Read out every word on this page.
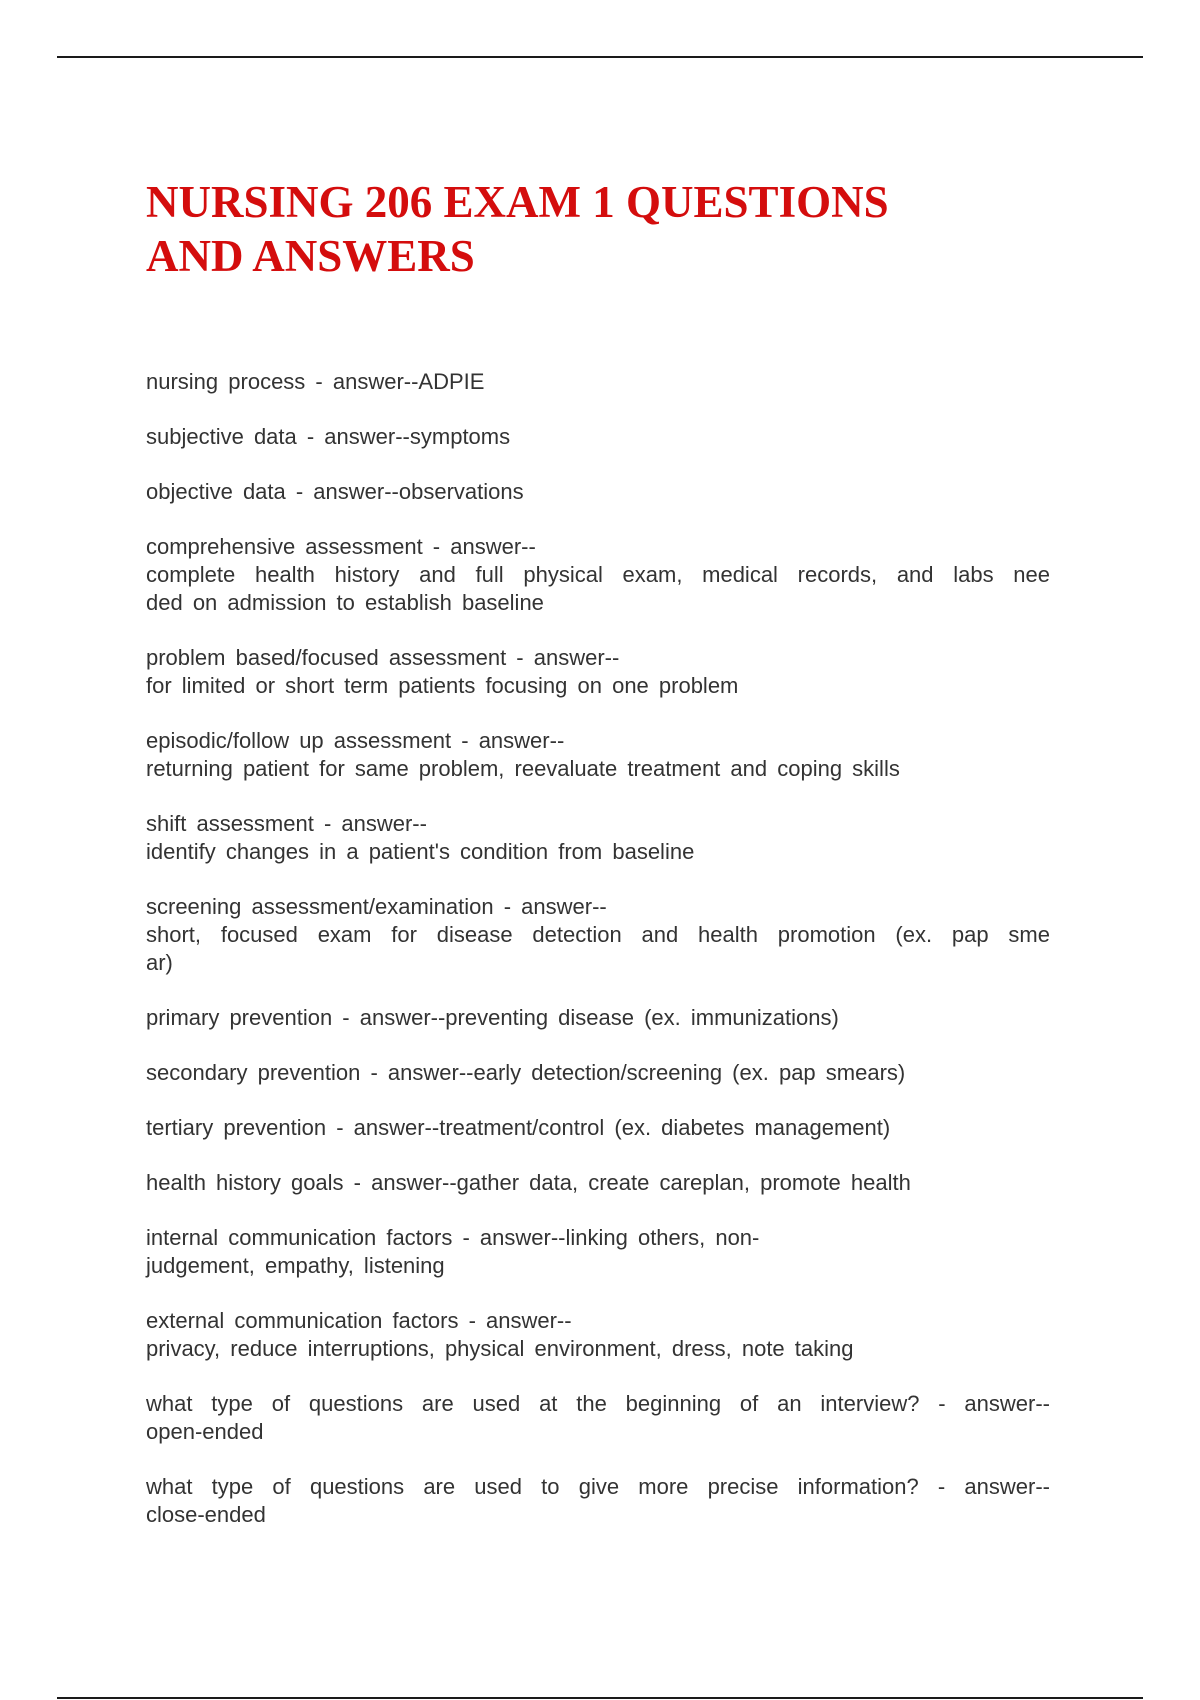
NURSING 206 EXAM 1 QUESTIONS
AND ANSWERS
nursing process - answer--ADPIE
subjective data - answer--symptoms
objective data - answer--observations
comprehensive assessment - answer--
complete health history and full physical exam, medical records, and labs nee
ded on admission to establish baseline
problem based/focused assessment - answer--
for limited or short term patients focusing on one problem
episodic/follow up assessment - answer--
returning patient for same problem, reevaluate treatment and coping skills
shift assessment - answer--
identify changes in a patient's condition from baseline
screening assessment/examination - answer--
short, focused exam for disease detection and health promotion (ex. pap sme
ar)
primary prevention - answer--preventing disease (ex. immunizations)
secondary prevention - answer--early detection/screening (ex. pap smears)
tertiary prevention - answer--treatment/control (ex. diabetes management)
health history goals - answer--gather data, create careplan, promote health
internal communication factors - answer--linking others, non-
judgement, empathy, listening
external communication factors - answer--
privacy, reduce interruptions, physical environment, dress, note taking
what type of questions are used at the beginning of an interview? - answer--
open-ended
what type of questions are used to give more precise information? - answer--
close-ended
